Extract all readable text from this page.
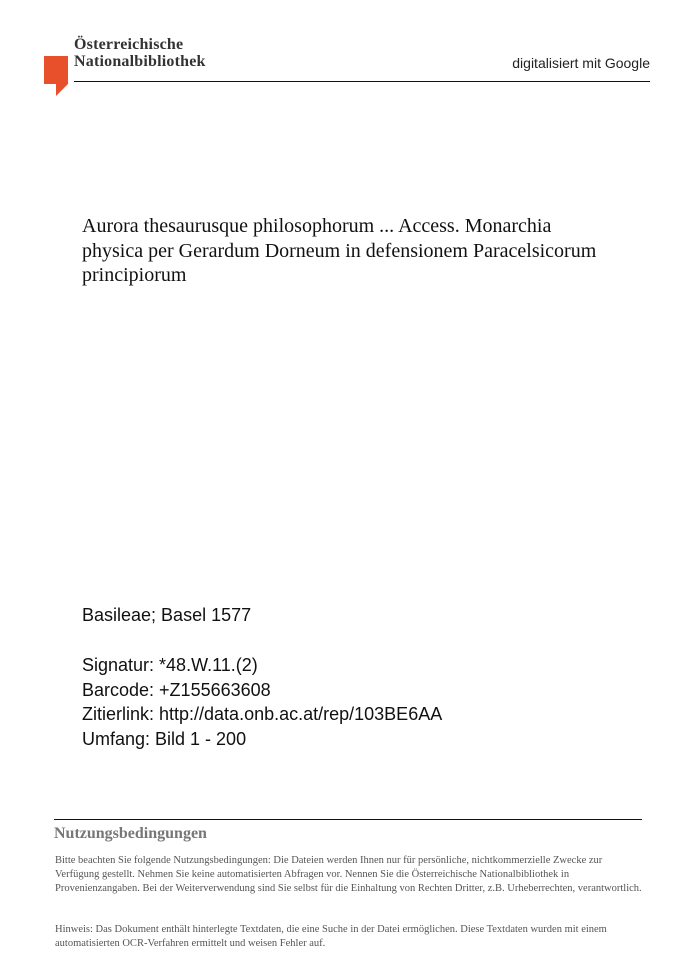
Österreichische
Nationalbibliothek	digitalisiert mit Google
Aurora thesaurusque philosophorum ... Access. Monarchia physica per Gerardum Dorneum in defensionem Paracelsicorum principiorum
Basileae; Basel 1577
Signatur: *48.W.11.(2)
Barcode: +Z155663608
Zitierlink: http://data.onb.ac.at/rep/103BE6AA
Umfang: Bild 1 - 200
Nutzungsbedingungen
Bitte beachten Sie folgende Nutzungsbedingungen: Die Dateien werden Ihnen nur für persönliche, nichtkommerzielle Zwecke zur Verfügung gestellt. Nehmen Sie keine automatisierten Abfragen vor. Nennen Sie die Österreichische Nationalbibliothek in Provenienzangaben. Bei der Weiterverwendung sind Sie selbst für die Einhaltung von Rechten Dritter, z.B. Urheberrechten, verantwortlich.
Hinweis: Das Dokument enthält hinterlegte Textdaten, die eine Suche in der Datei ermöglichen. Diese Textdaten wurden mit einem automatisierten OCR-Verfahren ermittelt und weisen Fehler auf.
